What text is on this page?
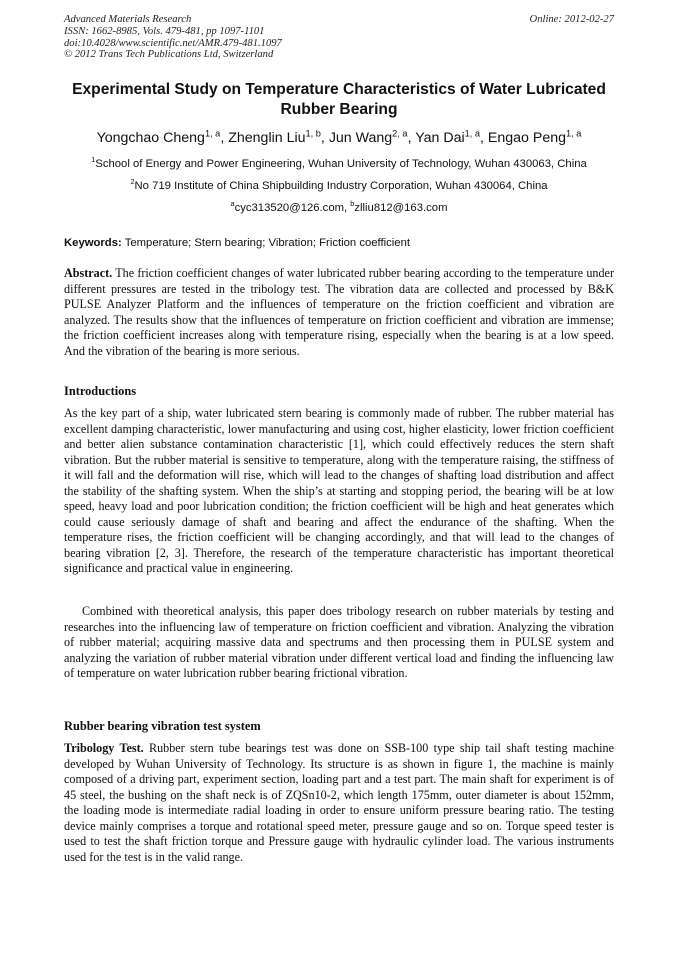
Advanced Materials Research
ISSN: 1662-8985, Vols. 479-481, pp 1097-1101
doi:10.4028/www.scientific.net/AMR.479-481.1097
© 2012 Trans Tech Publications Ltd, Switzerland
Online: 2012-02-27
Experimental Study on Temperature Characteristics of Water Lubricated
Rubber Bearing
Yongchao Cheng$^{1, a}$, Zhenglin Liu$^{1, b}$, Jun Wang$^{2, a}$, Yan Dai$^{1, a}$, Engao Peng$^{1, a}$
$^1$School of Energy and Power Engineering, Wuhan University of Technology, Wuhan 430063, China
$^2$No 719 Institute of China Shipbuilding Industry Corporation, Wuhan 430064, China
$^a$cyc313520@126.com, $^b$zlliu812@163.com
Keywords: Temperature; Stern bearing; Vibration; Friction coefficient
Abstract. The friction coefficient changes of water lubricated rubber bearing according to the temperature under different pressures are tested in the tribology test. The vibration data are collected and processed by B&K PULSE Analyzer Platform and the influences of temperature on the friction coefficient and vibration are analyzed. The results show that the influences of temperature on friction coefficient and vibration are immense; the friction coefficient increases along with temperature rising, especially when the bearing is at a low speed. And the vibration of the bearing is more serious.
Introductions
As the key part of a ship, water lubricated stern bearing is commonly made of rubber. The rubber material has excellent damping characteristic, lower manufacturing and using cost, higher elasticity, lower friction coefficient and better alien substance contamination characteristic [1], which could effectively reduces the stern shaft vibration. But the rubber material is sensitive to temperature, along with the temperature raising, the stiffness of it will fall and the deformation will rise, which will lead to the changes of shafting load distribution and affect the stability of the shafting system. When the ship’s at starting and stopping period, the bearing will be at low speed, heavy load and poor lubrication condition; the friction coefficient will be high and heat generates which could cause seriously damage of shaft and bearing and affect the endurance of the shafting. When the temperature rises, the friction coefficient will be changing accordingly, and that will lead to the changes of bearing vibration [2, 3]. Therefore, the research of the temperature characteristic has important theoretical significance and practical value in engineering.
Combined with theoretical analysis, this paper does tribology research on rubber materials by testing and researches into the influencing law of temperature on friction coefficient and vibration. Analyzing the vibration of rubber material; acquiring massive data and spectrums and then processing them in PULSE system and analyzing the variation of rubber material vibration under different vertical load and finding the influencing law of temperature on water lubrication rubber bearing frictional vibration.
Rubber bearing vibration test system
Tribology Test. Rubber stern tube bearings test was done on SSB-100 type ship tail shaft testing machine developed by Wuhan University of Technology. Its structure is as shown in figure 1, the machine is mainly composed of a driving part, experiment section, loading part and a test part. The main shaft for experiment is of 45 steel, the bushing on the shaft neck is of ZQSn10-2, which length 175mm, outer diameter is about 152mm, the loading mode is intermediate radial loading in order to ensure uniform pressure bearing ratio. The testing device mainly comprises a torque and rotational speed meter, pressure gauge and so on. Torque speed tester is used to test the shaft friction torque and Pressure gauge with hydraulic cylinder load. The various instruments used for the test is in the valid range.
